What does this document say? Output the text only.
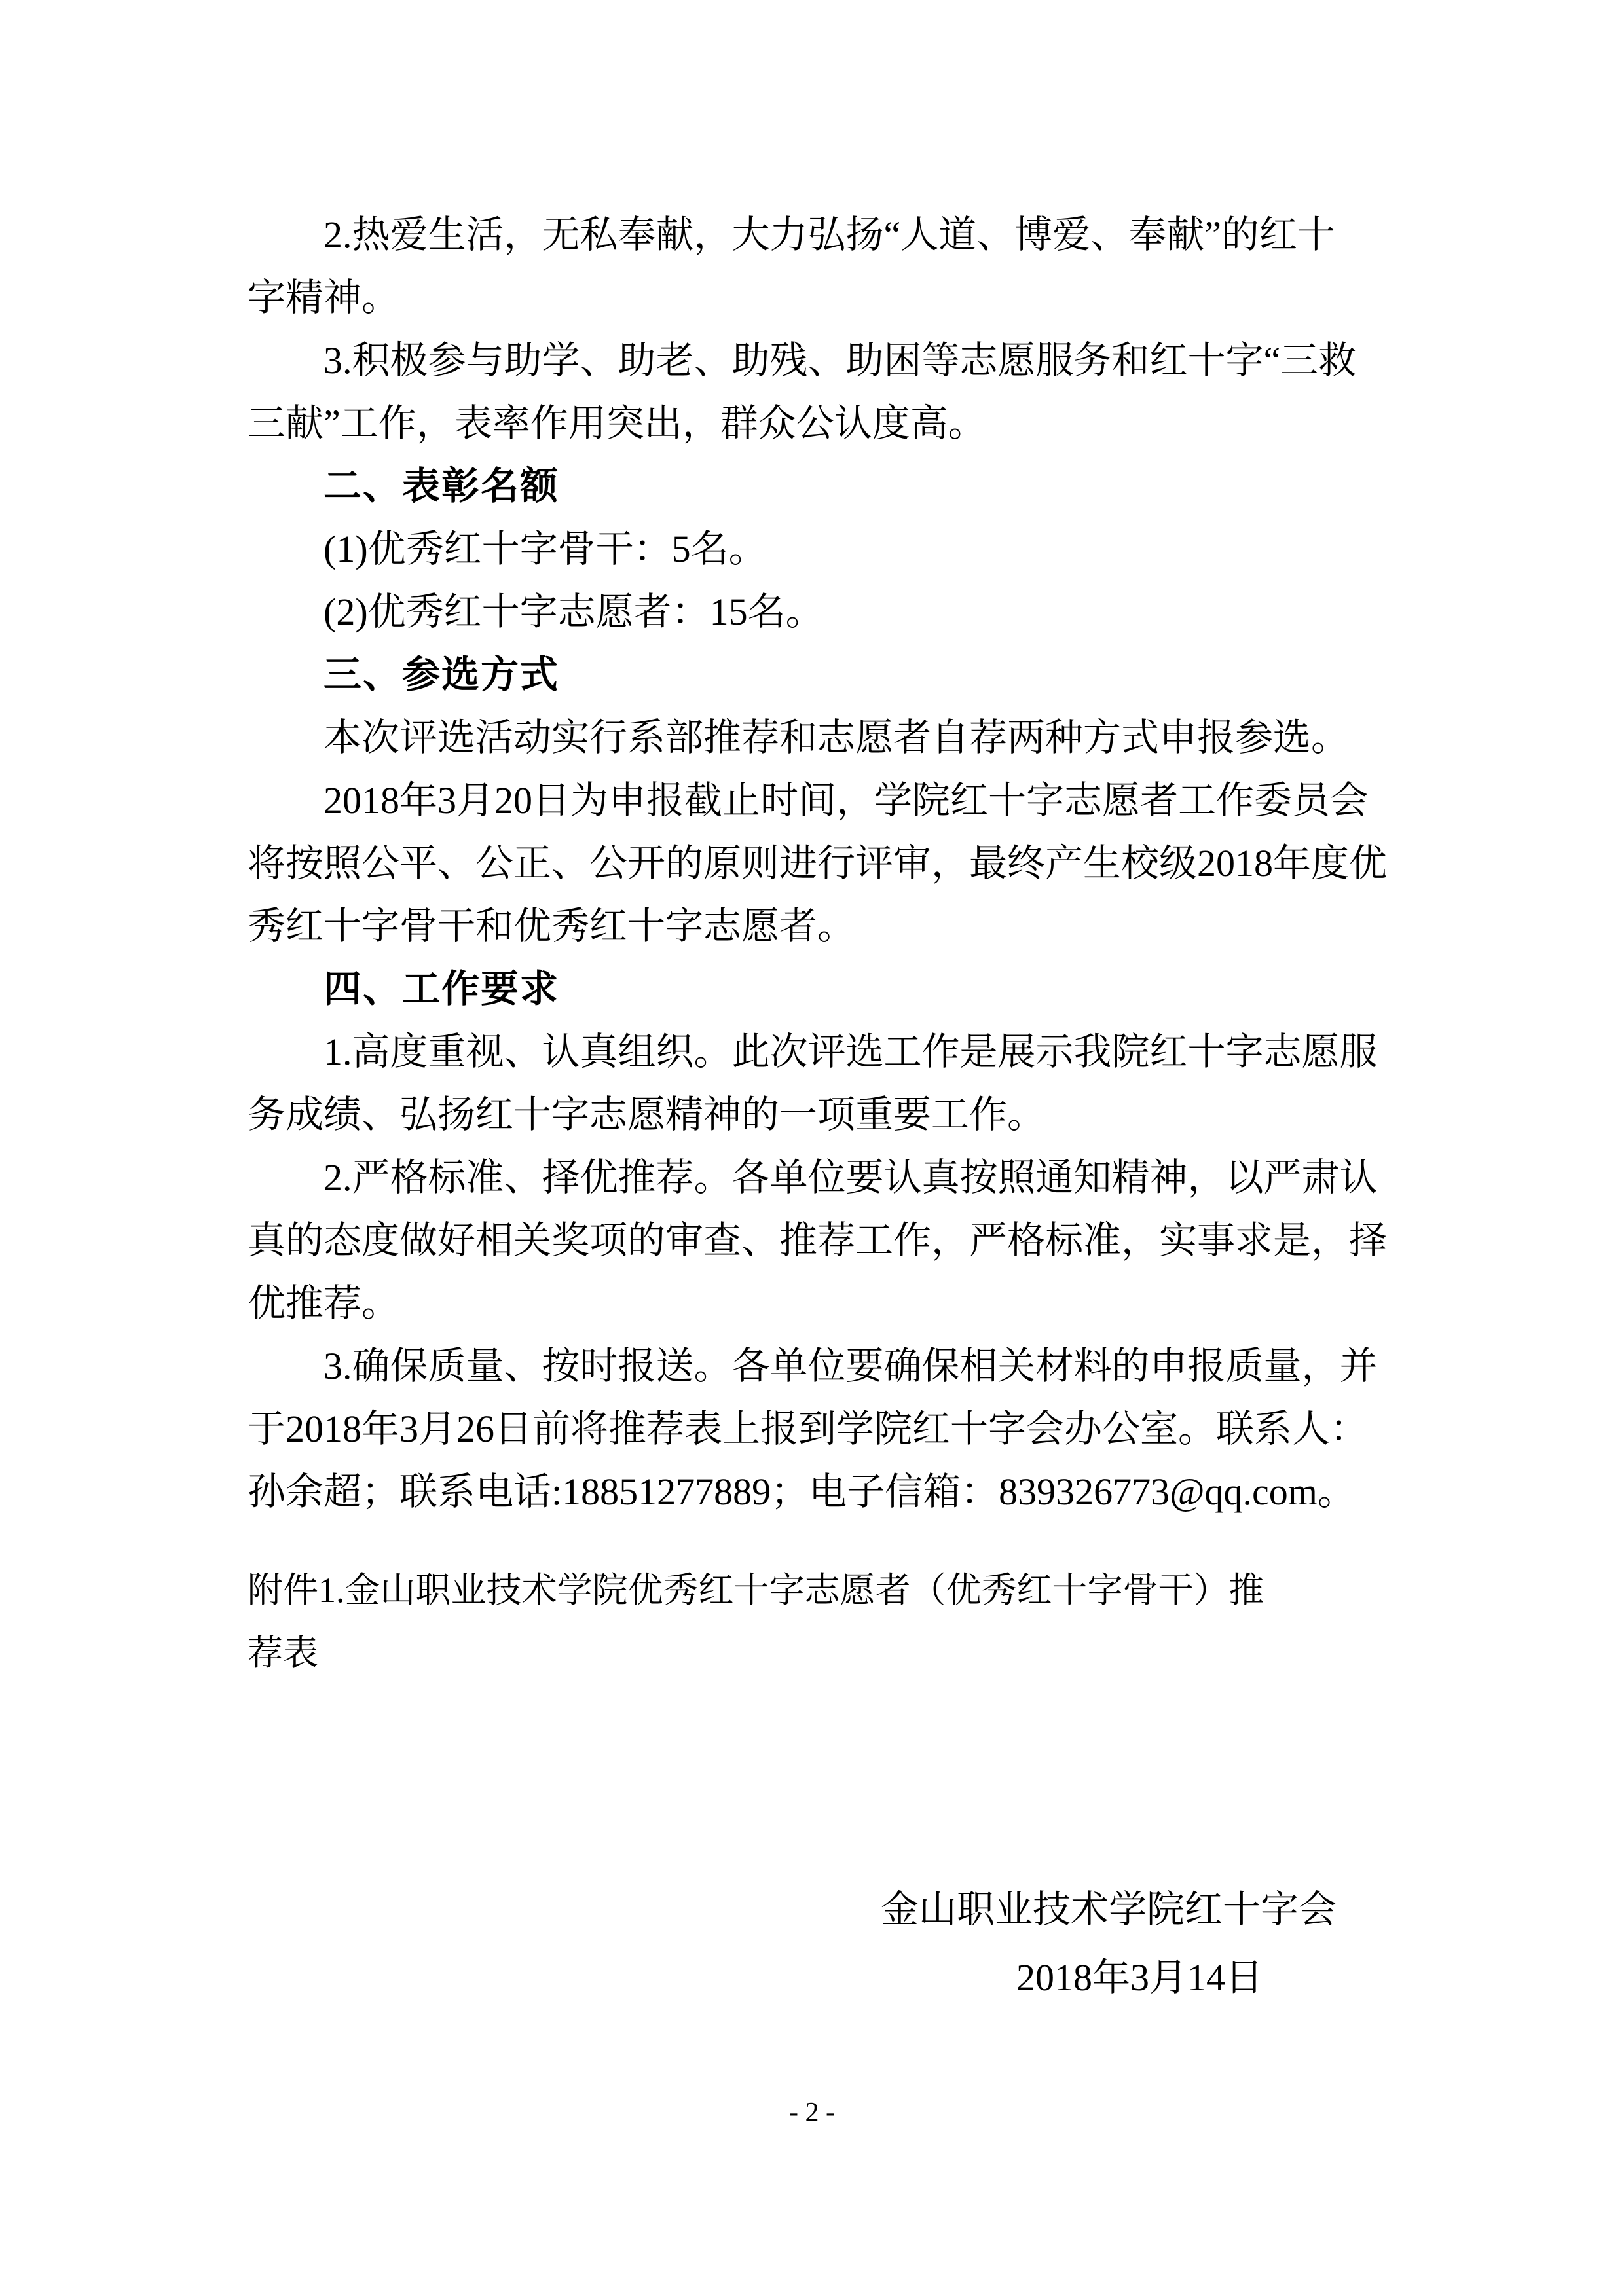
2.热爱生活，无私奉献，大力弘扬“人道、博爱、奉献”的红十
字精神。
3.积极参与助学、助老、助残、助困等志愿服务和红十字“三救
三献”工作，表率作用突出，群众公认度高。
二、表彰名额
(1)优秀红十字骨干：5名。
(2)优秀红十字志愿者：15名。
三、参选方式
本次评选活动实行系部推荐和志愿者自荐两种方式申报参选。
2018年3月20日为申报截止时间，学院红十字志愿者工作委员会
将按照公平、公正、公开的原则进行评审，最终产生校级2018年度优
秀红十字骨干和优秀红十字志愿者。
四、工作要求
1.高度重视、认真组织。此次评选工作是展示我院红十字志愿服
务成绩、弘扬红十字志愿精神的一项重要工作。
2.严格标准、择优推荐。各单位要认真按照通知精神，以严肃认
真的态度做好相关奖项的审查、推荐工作，严格标准，实事求是，择
优推荐。
3.确保质量、按时报送。各单位要确保相关材料的申报质量，并
于2018年3月26日前将推荐表上报到学院红十字会办公室。联系人：
孙余超；联系电话:18851277889；电子信箱：839326773@qq.com。
附件1.金山职业技术学院优秀红十字志愿者（优秀红十字骨干）推
荐表
金山职业技术学院红十字会
2018年3月14日
- 2 -
